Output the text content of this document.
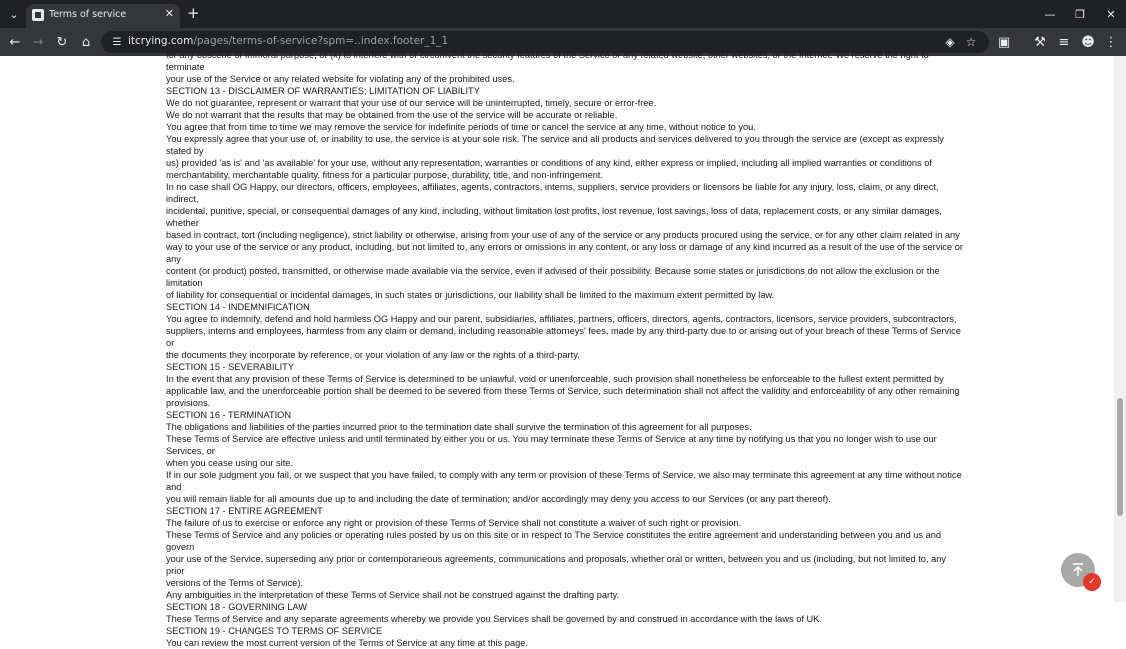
⌄	Terms of service	✕ +	—	❐	✕
← →	↻	⌂	☰ itcrying.com/pages/terms-of-service?spm=..index.footer_1_1	◈ ☆ ▣	⚒ ≡ ☻ ⋮

for any obscene or immoral purpose; or (k) to interfere with or circumvent the security features of the Service or any related website, other websites, or the Internet. We reserve the right to terminate

your use of the Service or any related website for violating any of the prohibited uses.

SECTION 13 - DISCLAIMER OF WARRANTIES; LIMITATION OF LIABILITY

We do not guarantee, represent or warrant that your use of our service will be uninterrupted, timely, secure or error-free.

We do not warrant that the results that may be obtained from the use of the service will be accurate or reliable.

You agree that from time to time we may remove the service for indefinite periods of time or cancel the service at any time, without notice to you.

You expressly agree that your use of, or inability to use, the service is at your sole risk. The service and all products and services delivered to you through the service are (except as expressly stated by

us) provided 'as is' and 'as available' for your use, without any representation, warranties or conditions of any kind, either express or implied, including all implied warranties or conditions of

merchantability, merchantable quality, fitness for a particular purpose, durability, title, and non-infringement.

In no case shall OG Happy, our directors, officers, employees, affiliates, agents, contractors, interns, suppliers, service providers or licensors be liable for any injury, loss, claim, or any direct, indirect,

incidental, punitive, special, or consequential damages of any kind, including, without limitation lost profits, lost revenue, lost savings, loss of data, replacement costs, or any similar damages, whether

based in contract, tort (including negligence), strict liability or otherwise, arising from your use of any of the service or any products procured using the service, or for any other claim related in any

way to your use of the service or any product, including, but not limited to, any errors or omissions in any content, or any loss or damage of any kind incurred as a result of the use of the service or any

content (or product) posted, transmitted, or otherwise made available via the service, even if advised of their possibility. Because some states or jurisdictions do not allow the exclusion or the limitation

of liability for consequential or incidental damages, in such states or jurisdictions, our liability shall be limited to the maximum extent permitted by law.

SECTION 14 - INDEMNIFICATION

You agree to indemnify, defend and hold harmless OG Happy and our parent, subsidiaries, affiliates, partners, officers, directors, agents, contractors, licensors, service providers, subcontractors,

suppliers, interns and employees, harmless from any claim or demand, including reasonable attorneys' fees, made by any third-party due to or arising out of your breach of these Terms of Service or

the documents they incorporate by reference, or your violation of any law or the rights of a third-party.

SECTION 15 - SEVERABILITY

In the event that any provision of these Terms of Service is determined to be unlawful, void or unenforceable, such provision shall nonetheless be enforceable to the fullest extent permitted by

applicable law, and the unenforceable portion shall be deemed to be severed from these Terms of Service, such determination shall not affect the validity and enforceability of any other remaining

provisions.

SECTION 16 - TERMINATION

The obligations and liabilities of the parties incurred prior to the termination date shall survive the termination of this agreement for all purposes.

These Terms of Service are effective unless and until terminated by either you or us. You may terminate these Terms of Service at any time by notifying us that you no longer wish to use our Services, or

when you cease using our site.

If in our sole judgment you fail, or we suspect that you have failed, to comply with any term or provision of these Terms of Service, we also may terminate this agreement at any time without notice and

you will remain liable for all amounts due up to and including the date of termination; and/or accordingly may deny you access to our Services (or any part thereof).

SECTION 17 - ENTIRE AGREEMENT

The failure of us to exercise or enforce any right or provision of these Terms of Service shall not constitute a waiver of such right or provision.

These Terms of Service and any policies or operating rules posted by us on this site or in respect to The Service constitutes the entire agreement and understanding between you and us and govern

your use of the Service, superseding any prior or contemporaneous agreements, communications and proposals, whether oral or written, between you and us (including, but not limited to, any prior

versions of the Terms of Service).

Any ambiguities in the interpretation of these Terms of Service shall not be construed against the drafting party.

SECTION 18 - GOVERNING LAW

These Terms of Service and any separate agreements whereby we provide you Services shall be governed by and construed in accordance with the laws of UK.

SECTION 19 - CHANGES TO TERMS OF SERVICE

You can review the most current version of the Terms of Service at any time at this page.

✓
